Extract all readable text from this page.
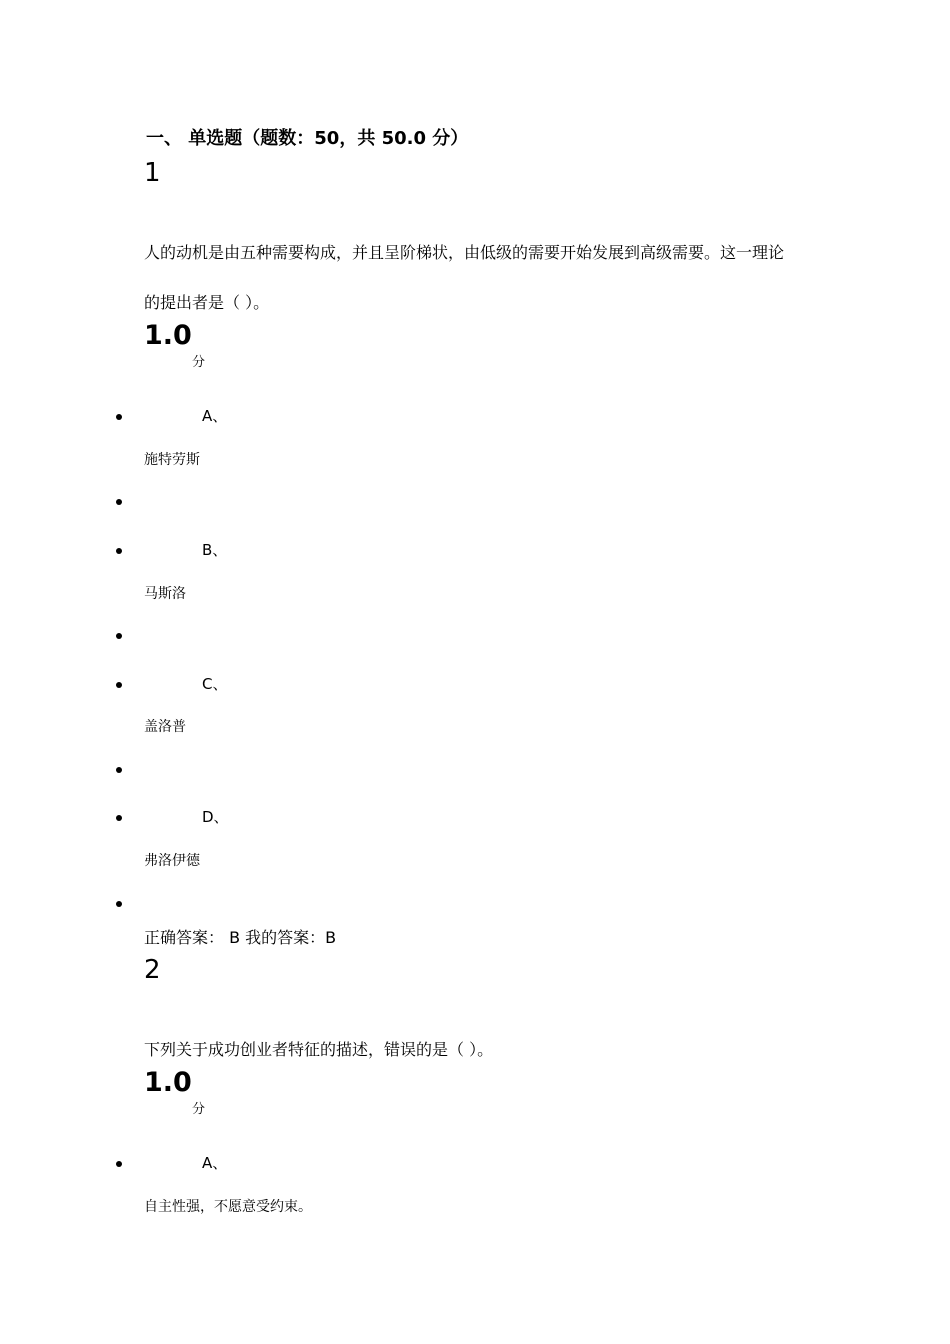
一、 单选题（题数：50，共 50.0 分）
1
人的动机是由五种需要构成，并且呈阶梯状，由低级的需要开始发展到高级需要。这一理论
的提出者是（ ）。
1.0
分
A、
施特劳斯
B、
马斯洛
C、
盖洛普
D、
弗洛伊德
正确答案： B 我的答案：B
2
下列关于成功创业者特征的描述，错误的是（ ）。
1.0
分
A、
自主性强，不愿意受约束。
